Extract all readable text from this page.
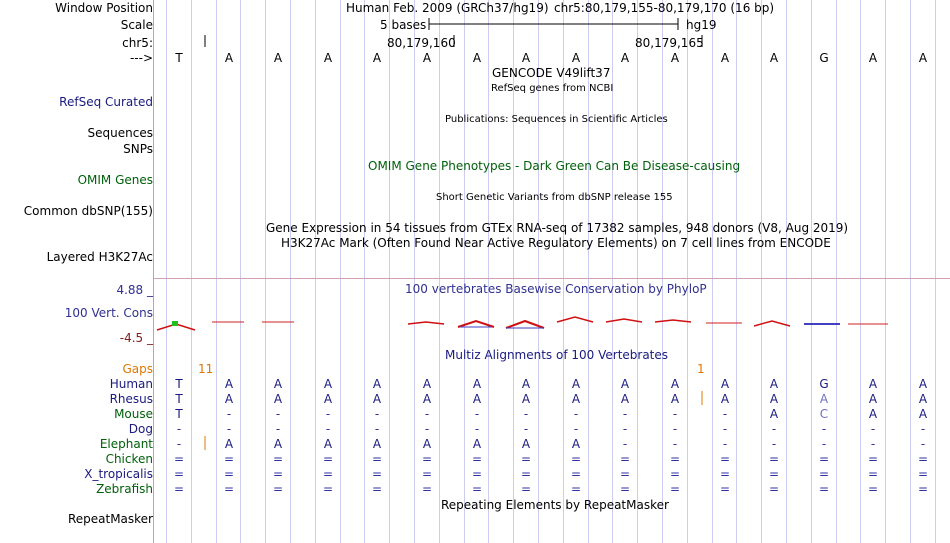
Window Position	Human Feb. 2009 (GRCh37/hg19) chr5:80,179,155-80,179,170 (16 bp)
Scale	5 bases	hg19
chr5:	80,179,160	80,179,165
--->	T	A	A	A	A	A	A	A	A	A	A	A	A	G	A	A
GENCODE V49lift37
RefSeq genes from NCBI
RefSeq Curated
Publications: Sequences in Scientific Articles
Sequences
SNPs
OMIM Gene Phenotypes - Dark Green Can Be Disease-causing
OMIM Genes
Short Genetic Variants from dbSNP release 155
Common dbSNP(155)
Gene Expression in 54 tissues from GTEx RNA-seq of 17382 samples, 948 donors (V8, Aug 2019)
H3K27Ac Mark (Often Found Near Active Regulatory Elements) on 7 cell lines from ENCODE
Layered H3K27Ac
4.88 _	100 vertebrates Basewise Conservation by PhyloP
100 Vert. Cons
-4.5 _
Multiz Alignments of 100 Vertebrates
Gaps	11	1
Human	T	A	A	A	A	A	A	A	A	A	A	A	A	G	A	A
Rhesus	T	A	A	A	A	A	A	A	A	A	A	A	A	A	A	A
Mouse	T	-	-	-	-	-	-	-	-	-	-	-	A	C	A	A
Dog	-	-	-	-	-	-	-	-	-	-	-	-	-	-	-	-
Elephant	-	A	A	A	A	A	A	A	A	-	-	-	-	-	-	-
Chicken	=	=	=	=	=	=	=	=	=	=	=	=	=	=	=	=
X_tropicalis	=	=	=	=	=	=	=	=	=	=	=	=	=	=	=	=
Zebrafish	=	=	=	=	=	=	=	=	=	=	=	=	=	=	=	=
Repeating Elements by RepeatMasker
RepeatMasker
